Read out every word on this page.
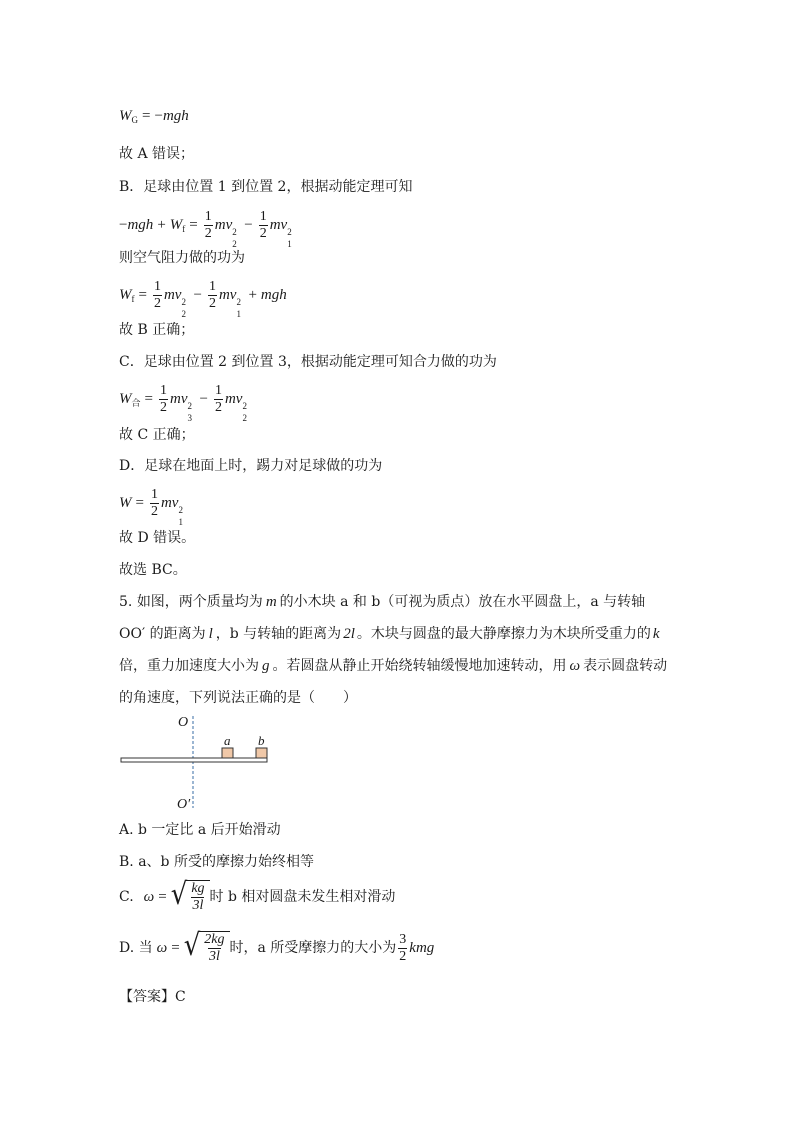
$W_G = -mgh$
故 A 错误；
B．足球由位置 1 到位置 2，根据动能定理可知
$-mgh + W_f = \frac{1}{2}$ mv 2
2
− $\frac{1}{2}$ mv 2
1
则空气阻力做的功为
$W_f = \frac{1}{2}$ mv 2
2
− $\frac{1}{2}$ mv 2
1
+ mgh
故 B 正确；
C．足球由位置 2 到位置 3，根据动能定理可知合力做的功为
$W_合 = \frac{1}{2}$ mv 2
3
− $\frac{1}{2}$ mv 2
2
故 C 正确；
D．足球在地面上时，踢力对足球做的功为
$W = \frac{1}{2}$ mv 2
1
故 D 错误。
故选 BC。
5. 如图，两个质量均为 m 的小木块 a 和 b（可视为质点）放在水平圆盘上，a 与转轴
OO′ 的距离为 l ，b 与转轴的距离为 2l 。木块与圆盘的最大静摩擦力为木块所受重力的 k
倍，重力加速度大小为 g 。若圆盘从静止开始绕转轴缓慢地加速转动，用 ω 表示圆盘转动
的角速度，下列说法正确的是（　　）
O
O′
a b
A. b 一定比 a 后开始滑动
B. a、b 所受的摩擦力始终相等
C. ω = √ $\frac{kg}{3l}$ 时 b 相对圆盘未发生相对滑动
D. 当 ω = √ $\frac{2kg}{3l}$ 时，a 所受摩擦力的大小为 $\frac{3}{2}$ kmg
【答案】C
